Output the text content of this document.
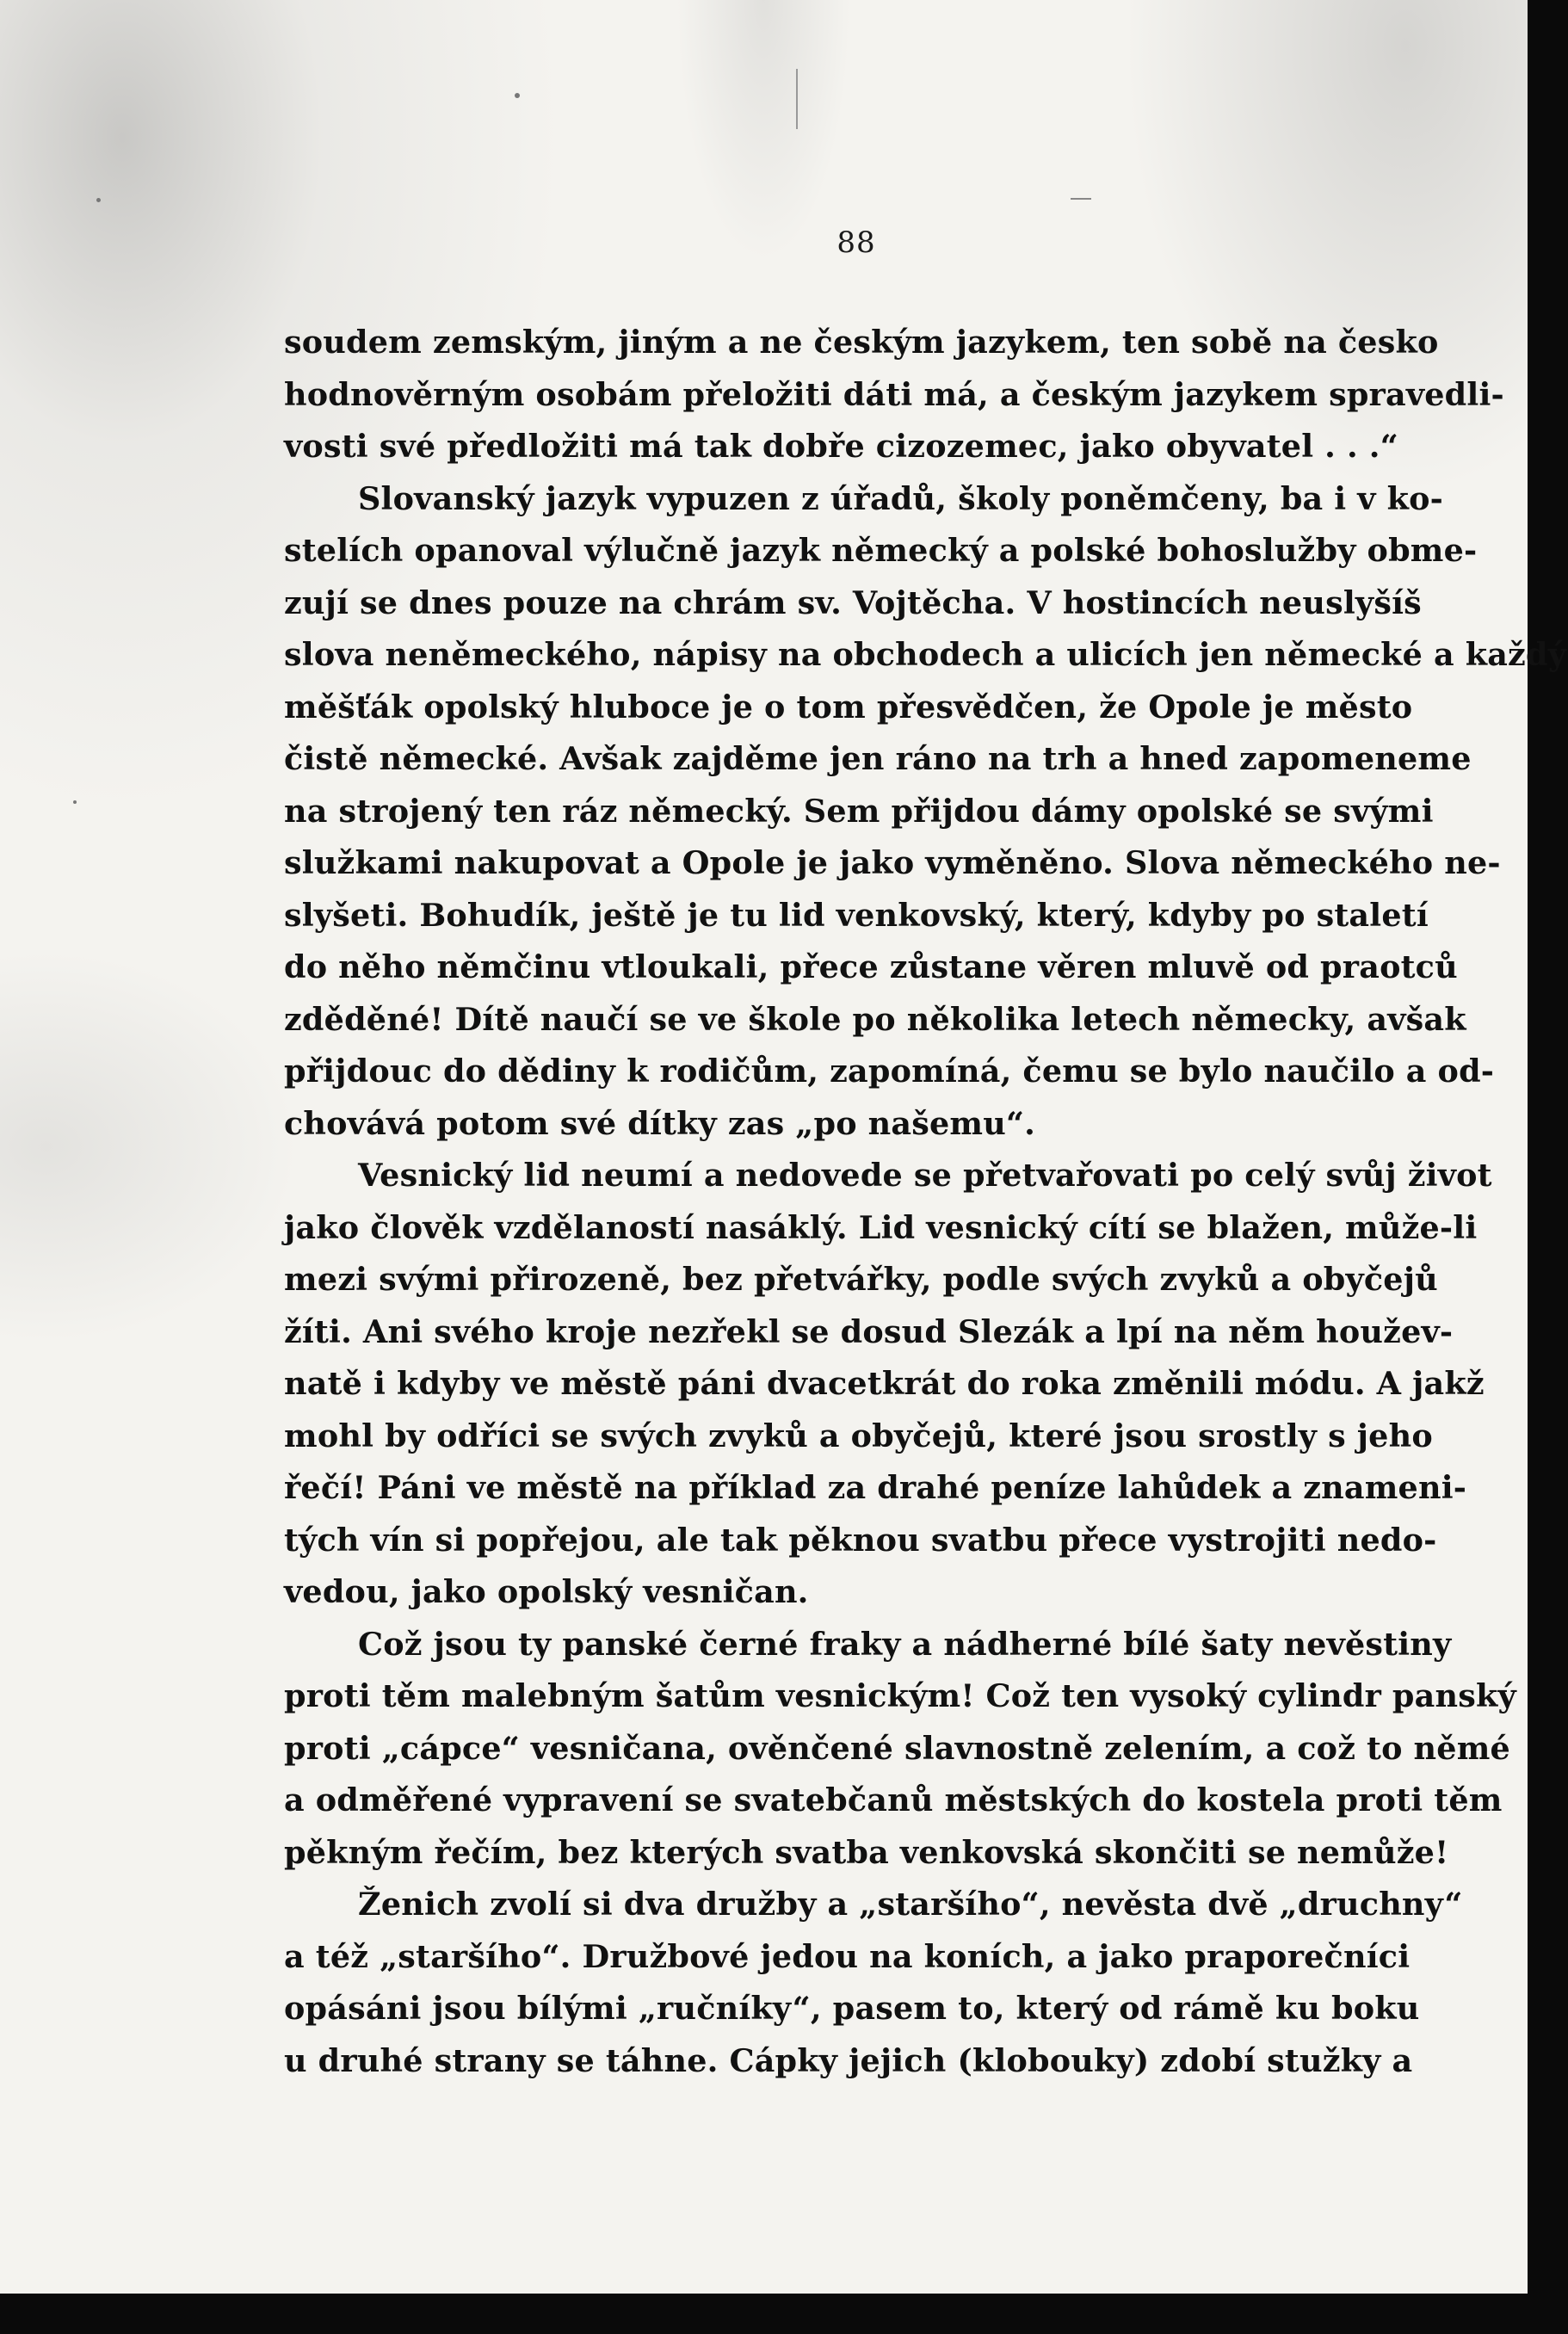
88
soudem zemským, jiným a ne českým jazykem, ten sobě na česko
hodnověrným osobám přeložiti dáti má, a českým jazykem spravedli-
vosti své předložiti má tak dobře cizozemec, jako obyvatel . . .“
Slovanský jazyk vypuzen z úřadů, školy poněmčeny, ba i v ko-
stelích opanoval výlučně jazyk německý a polské bohoslužby obme-
zují se dnes pouze na chrám sv. Vojtěcha. V hostincích neuslyšíš
slova neněmeckého, nápisy na obchodech a ulicích jen německé a každý
měšťák opolský hluboce je o tom přesvědčen, že Opole je město
čistě německé. Avšak zajděme jen ráno na trh a hned zapomeneme
na strojený ten ráz německý. Sem přijdou dámy opolské se svými
služkami nakupovat a Opole je jako vyměněno. Slova německého ne-
slyšeti. Bohudík, ještě je tu lid venkovský, který, kdyby po staletí
do něho němčinu vtloukali, přece zůstane věren mluvě od praotců
zděděné! Dítě naučí se ve škole po několika letech německy, avšak
přijdouc do dědiny k rodičům, zapomíná, čemu se bylo naučilo a od-
chovává potom své dítky zas „po našemu“.
Vesnický lid neumí a nedovede se přetvařovati po celý svůj život
jako člověk vzdělaností nasáklý. Lid vesnický cítí se blažen, může-li
mezi svými přirozeně, bez přetvářky, podle svých zvyků a obyčejů
žíti. Ani svého kroje nezřekl se dosud Slezák a lpí na něm houžev-
natě i kdyby ve městě páni dvacetkrát do roka změnili módu. A jakž
mohl by odříci se svých zvyků a obyčejů, které jsou srostly s jeho
řečí! Páni ve městě na příklad za drahé peníze lahůdek a znameni-
tých vín si popřejou, ale tak pěknou svatbu přece vystrojiti nedo-
vedou, jako opolský vesničan.
Což jsou ty panské černé fraky a nádherné bílé šaty nevěstiny
proti těm malebným šatům vesnickým! Což ten vysoký cylindr panský
proti „cápce“ vesničana, ověnčené slavnostně zelením, a což to němé
a odměřené vypravení se svatebčanů městských do kostela proti těm
pěkným řečím, bez kterých svatba venkovská skončiti se nemůže!
Ženich zvolí si dva družby a „staršího“, nevěsta dvě „druchny“
a též „staršího“. Družbové jedou na koních, a jako praporečníci
opásáni jsou bílými „ručníky“, pasem to, který od rámě ku boku
u druhé strany se táhne. Cápky jejich (klobouky) zdobí stužky a
